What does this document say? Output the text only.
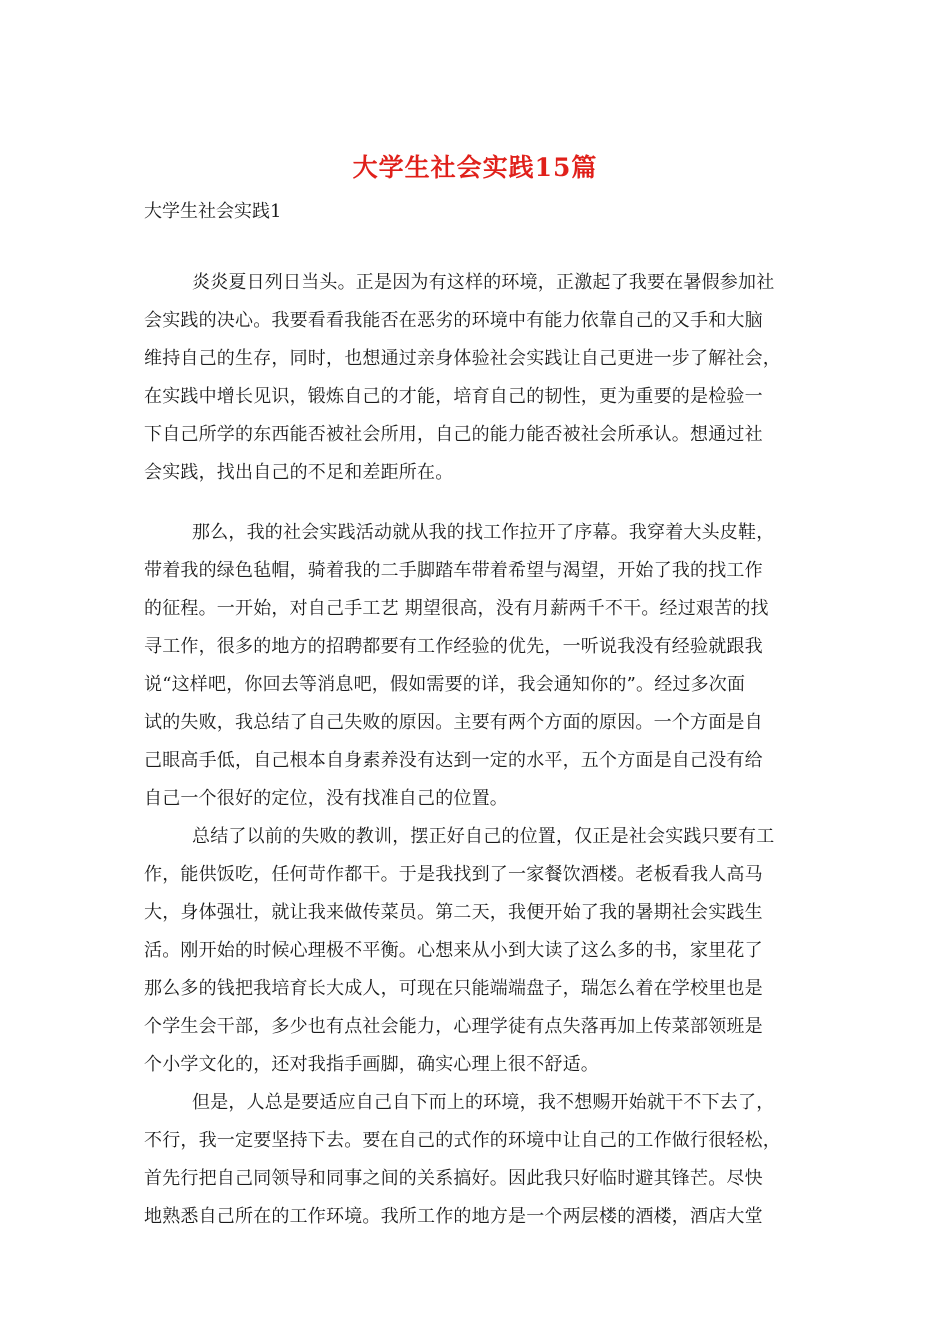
大学生社会实践15篇
大学生社会实践1
炎炎夏日列日当头。正是因为有这样的环境，正激起了我要在暑假参加社
会实践的决心。我要看看我能否在恶劣的环境中有能力依靠自己的又手和大脑
维持自己的生存，同时，也想通过亲身体验社会实践让自己更进一步了解社会，
在实践中增长见识，锻炼自己的才能，培育自己的韧性，更为重要的是检验一
下自己所学的东西能否被社会所用，自己的能力能否被社会所承认。想通过社
会实践，找出自己的不足和差距所在。
那么，我的社会实践活动就从我的找工作拉开了序幕。我穿着大头皮鞋，
带着我的绿色毡帽，骑着我的二手脚踏车带着希望与渴望，开始了我的找工作
的征程。一开始，对自己手工艺 期望很高，没有月薪两千不干。经过艰苦的找
寻工作，很多的地方的招聘都要有工作经验的优先，一听说我没有经验就跟我
说“这样吧，你回去等消息吧，假如需要的详，我会通知你的”。经过多次面
试的失败，我总结了自己失败的原因。主要有两个方面的原因。一个方面是自
己眼高手低，自己根本自身素养没有达到一定的水平，五个方面是自己没有给
自己一个很好的定位，没有找准自己的位置。
总结了以前的失败的教训，摆正好自己的位置，仅正是社会实践只要有工
作，能供饭吃，任何苛作都干。于是我找到了一家餐饮酒楼。老板看我人高马
大，身体强壮，就让我来做传菜员。第二天，我便开始了我的暑期社会实践生
活。刚开始的时候心理极不平衡。心想来从小到大读了这么多的书，家里花了
那么多的钱把我培育长大成人，可现在只能端端盘子，瑞怎么着在学校里也是
个学生会干部，多少也有点社会能力，心理学徒有点失落再加上传菜部领班是
个小学文化的，还对我指手画脚，确实心理上很不舒适。
但是，人总是要适应自己自下而上的环境，我不想赐开始就干不下去了，
不行，我一定要坚持下去。要在自己的式作的环境中让自己的工作做行很轻松，
首先行把自己同领导和同事之间的关系搞好。因此我只好临时避其锋芒。尽快
地熟悉自己所在的工作环境。我所工作的地方是一个两层楼的酒楼，酒店大堂
